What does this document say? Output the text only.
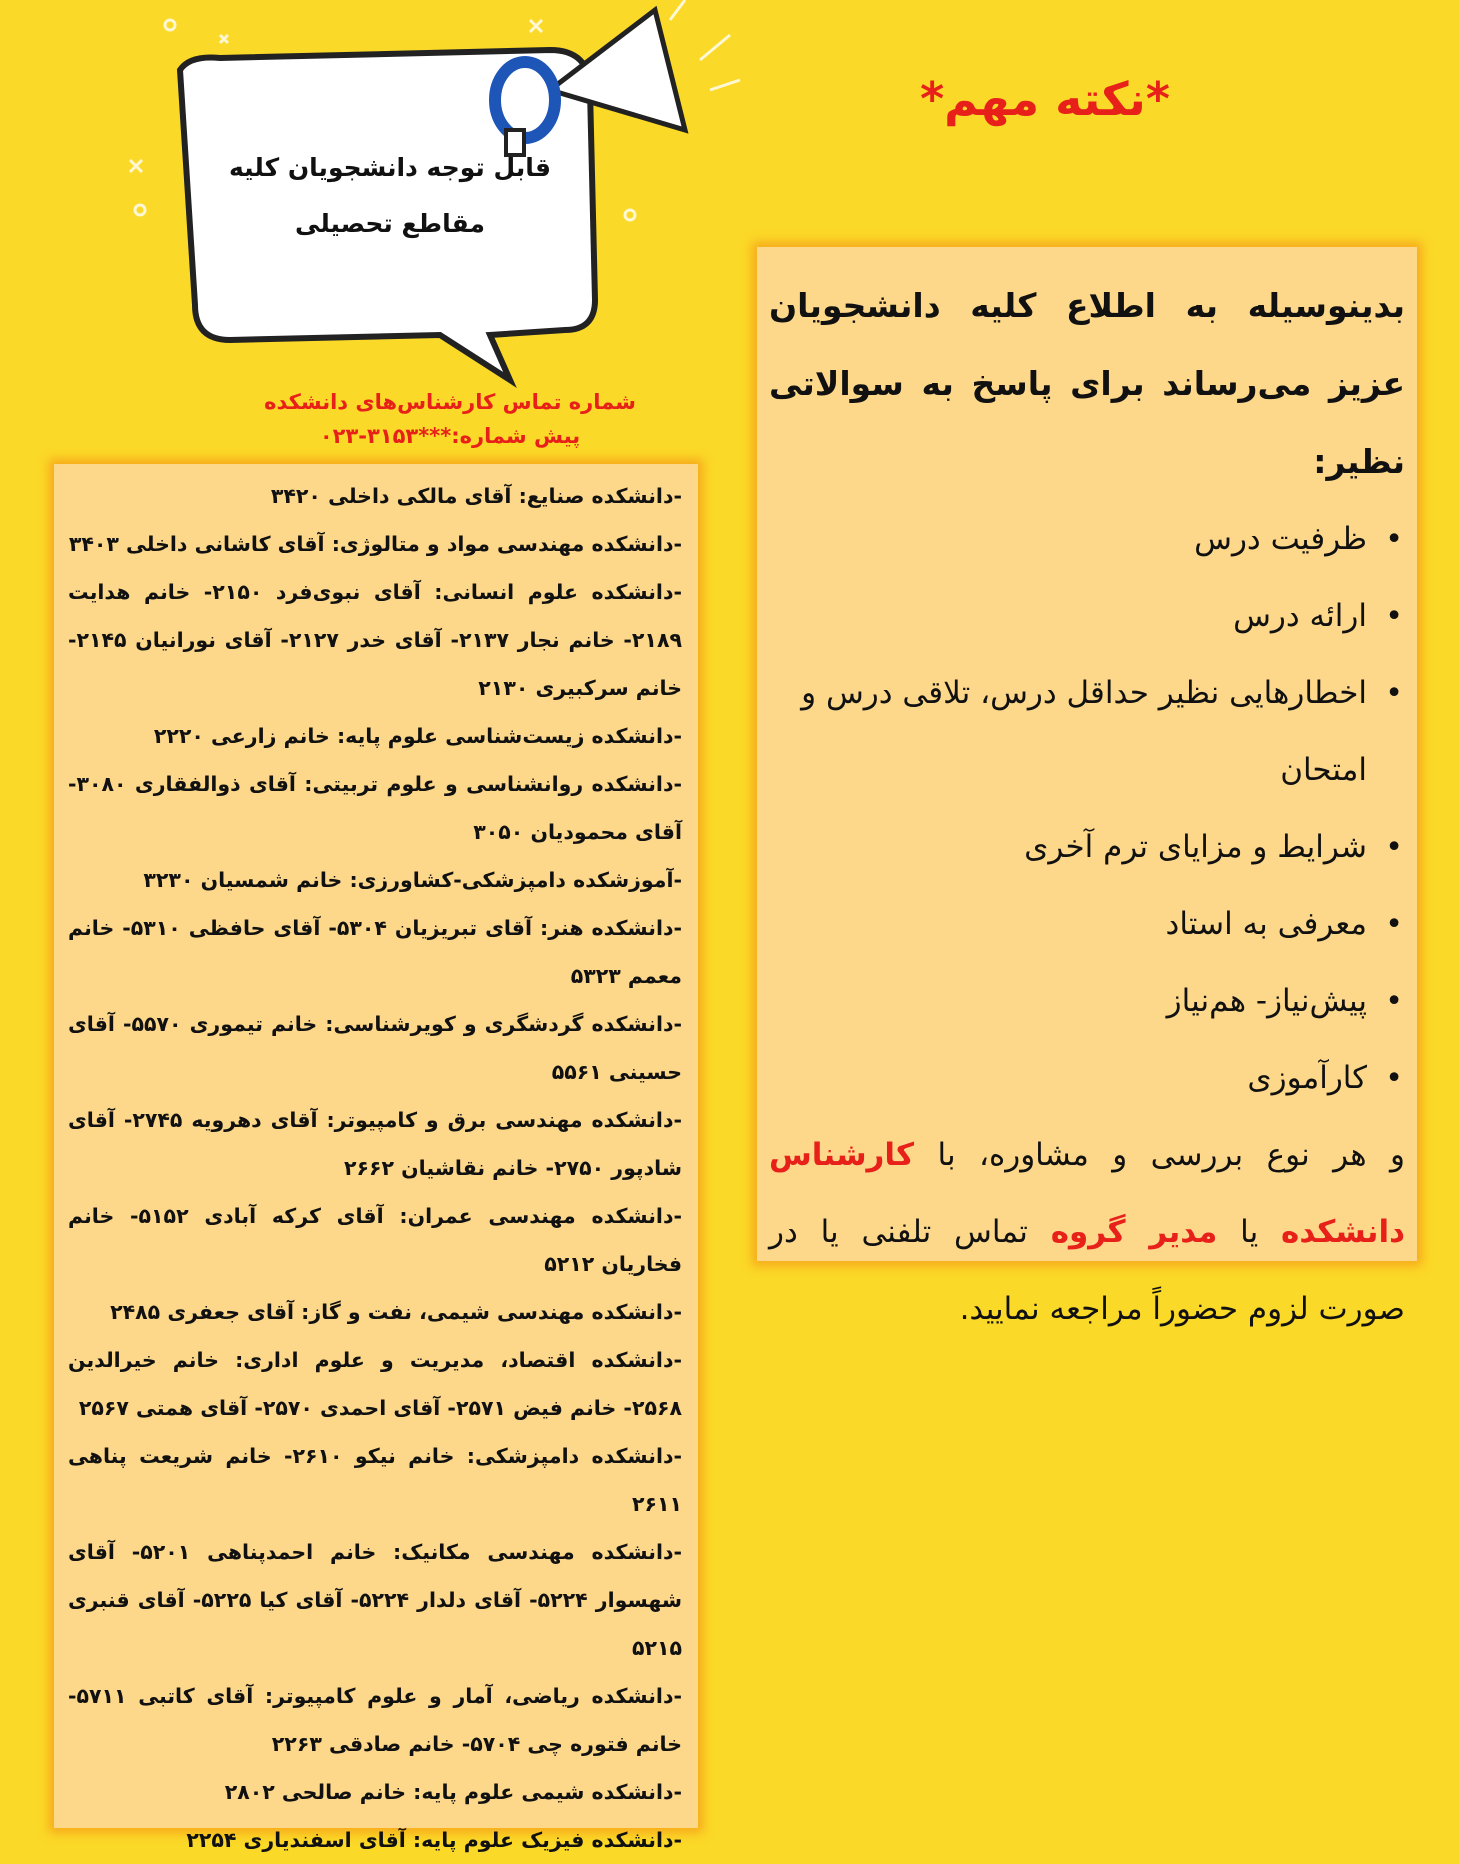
قابل توجه دانشجویان کلیه
مقاطع تحصیلی
شماره تماس کارشناس‌های دانشکده
پیش شماره:***۳۱۵۳-۰۲۳

-دانشکده صنایع: آقای مالکی داخلی ۳۴۲۰

-دانشکده مهندسی مواد و متالوژی: آقای کاشانی داخلی ۳۴۰۳

-دانشکده علوم انسانی: آقای نبوی‌فرد ۲۱۵۰- خانم هدایت ۲۱۸۹- خانم نجار ۲۱۳۷- آقای خدر ۲۱۲۷- آقای نورانیان ۲۱۴۵- خانم سرکبیری ۲۱۳۰

-دانشکده زیست‌شناسی علوم پایه: خانم زارعی ۲۲۲۰

-دانشکده روانشناسی و علوم تربیتی: آقای ذوالفقاری ۳۰۸۰- آقای محمودیان ۳۰۵۰

-آموزشکده دامپزشکی-کشاورزی: خانم شمسیان ۳۲۳۰

-دانشکده هنر: آقای تبریزیان ۵۳۰۴- آقای حافظی ۵۳۱۰- خانم معمم ۵۳۲۳

-دانشکده گردشگری و کویرشناسی: خانم تیموری ۵۵۷۰- آقای حسینی ۵۵۶۱

-دانشکده مهندسی برق و کامپیوتر: آقای دهرویه ۲۷۴۵- آقای شادپور ۲۷۵۰- خانم نقاشیان ۲۶۶۲

-دانشکده مهندسی عمران: آقای کرکه آبادی ۵۱۵۲- خانم فخاریان ۵۲۱۲

-دانشکده مهندسی شیمی، نفت و گاز: آقای جعفری ۲۴۸۵

-دانشکده اقتصاد، مدیریت و علوم اداری: خانم خیرالدین ۲۵۶۸- خانم فیض ۲۵۷۱- آقای احمدی ۲۵۷۰- آقای همتی ۲۵۶۷

-دانشکده دامپزشکی: خانم نیکو ۲۶۱۰- خانم شریعت پناهی ۲۶۱۱

-دانشکده مهندسی مکانیک: خانم احمدپناهی ۵۲۰۱- آقای شهسوار ۵۲۲۴- آقای دلدار ۵۲۲۴- آقای کیا ۵۲۲۵- آقای قنبری ۵۲۱۵

-دانشکده ریاضی، آمار و علوم کامپیوتر: آقای کاتبی ۵۷۱۱- خانم فتوره چی ۵۷۰۴- خانم صادقی ۲۲۶۳

-دانشکده شیمی علوم پایه: خانم صالحی ۲۸۰۲

-دانشکده فیزیک علوم پایه: آقای اسفندیاری ۲۲۵۴

*نکته مهم*

بدینوسیله به اطلاع کلیه دانشجویان عزیز می‌رساند برای پاسخ به سوالاتی نظیر:

• ظرفیت درس
• ارائه درس
• اخطارهایی نظیر حداقل درس، تلاقی درس و امتحان
• شرایط و مزایای ترم آخری
• معرفی به استاد
• پیش‌نیاز- هم‌نیاز
• کارآموزی

و هر نوع بررسی و مشاوره، با کارشناس دانشکده یا مدیر گروه تماس تلفنی یا در صورت لزوم حضوراً مراجعه نمایید.
